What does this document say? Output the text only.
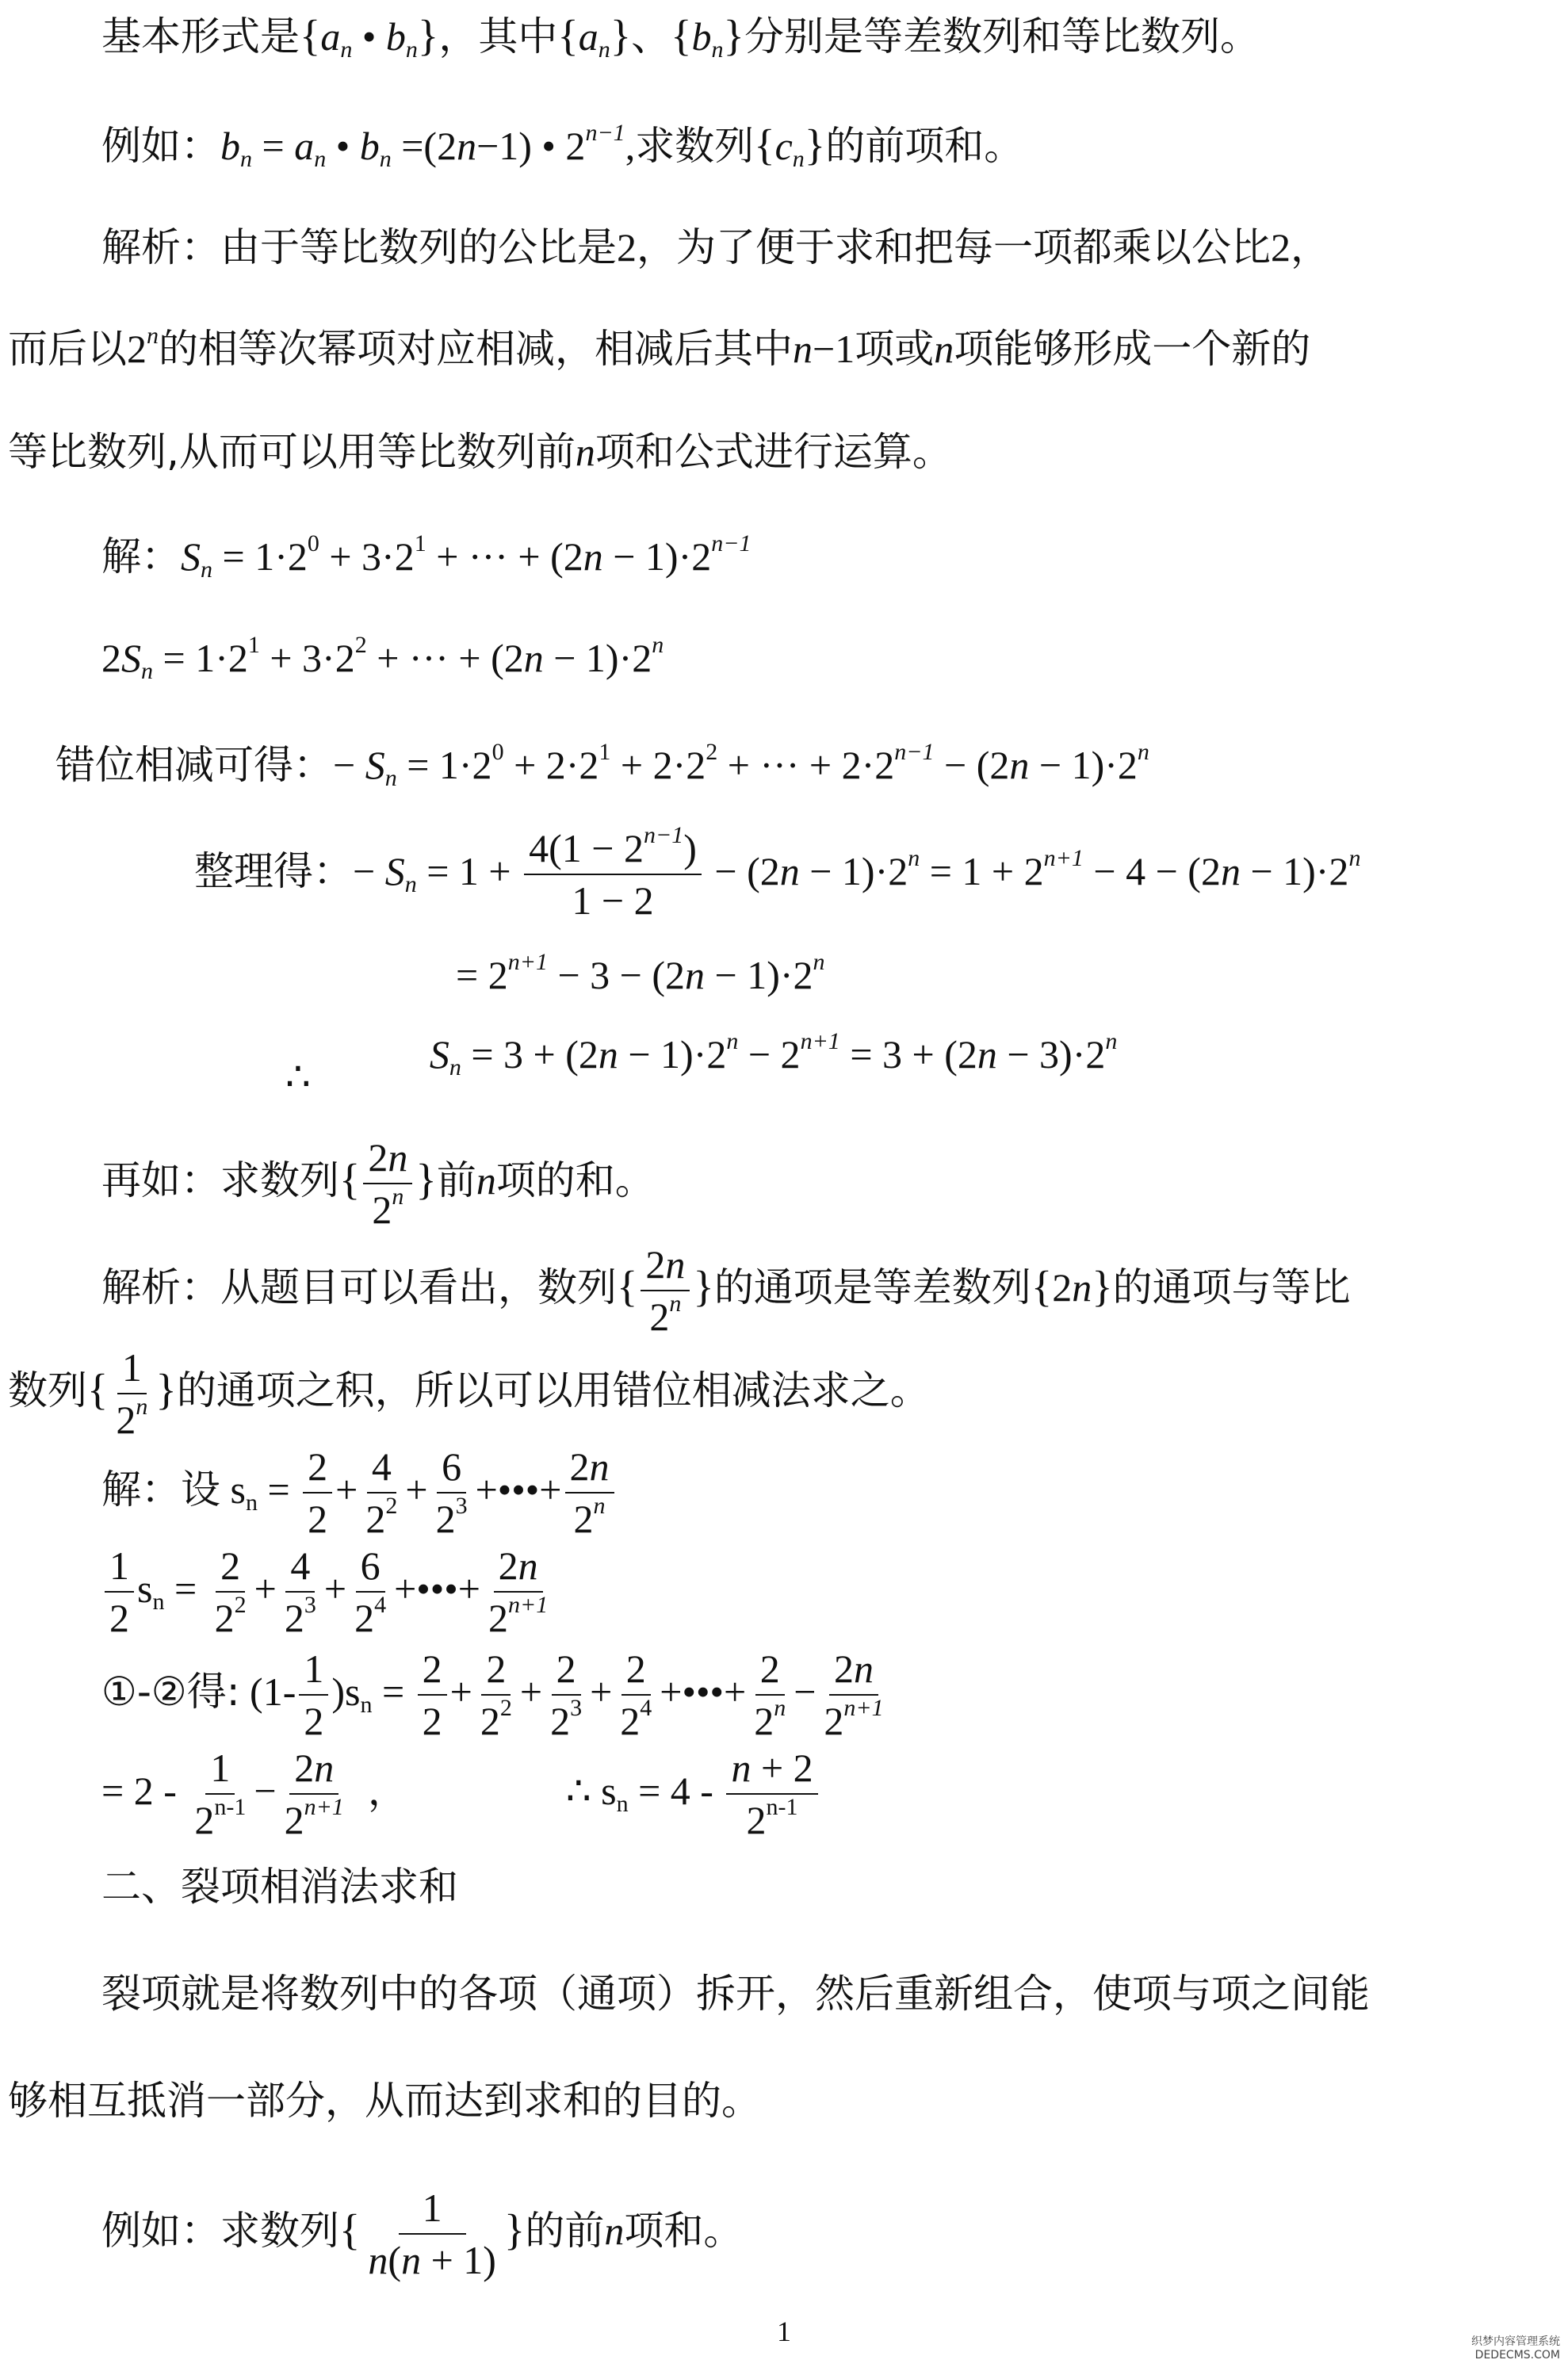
基本形式是{$a_n$ • $b_n$}，其中$\{a_n\}$、$\{b_n\}$分别是等差数列和等比数列。
例如：$b_n = a_n$ • $b_n =(2n-1)$ • $2^{n-1}$,求数列$\{c_n\}$的前项和。
解析：由于等比数列的公比是2，为了便于求和把每一项都乘以公比2，
而后以2$^n$的相等次幂项对应相减，相减后其中n−1项或n项能够形成一个新的
等比数列,从而可以用等比数列前n项和公式进行运算。
解：$S_n = 1\cdot 2^0 + 3\cdot 2^1$ + ··· + $(2n - 1)\cdot 2^{n-1}$
$2S_n = 1\cdot 2^1 + 3\cdot 2^2$ + ··· + $(2n - 1)\cdot 2^n$
错位相减可得：− $S_n = 1\cdot 2^0 + 2\cdot 2^1 + 2\cdot 2^2$ + ··· + $2\cdot 2^{n-1} - (2n - 1)\cdot 2^n$
整理得：− $S_n = 1 + \frac{4(1 - 2^{n-1})}{1 - 2} - (2n - 1)\cdot 2^n = 1 + 2^{n+1} - 4 - (2n - 1)\cdot 2^n$
= $2^{n+1} - 3 - (2n - 1)\cdot 2^n$
∴	$S_n = 3 + (2n - 1)\cdot 2^n - 2^{n+1} = 3 + (2n - 3)\cdot 2^n$
再如：求数列{ $\frac{2n}{2^n}$ }前n项的和。
解析：从题目可以看出，数列{ $\frac{2n}{2^n}$ }的通项是等差数列{2n}的通项与等比
数列{ $\frac{1}{2^n}$ }的通项之积，所以可以用错位相减法求之。
解：设 $s_n = \frac{2}{2} + \frac{4}{2^2} + \frac{6}{2^3}$ +•••+ $\frac{2n}{2^n}$
$\frac{1}{2} s_n = \frac{2}{2^2} + \frac{4}{2^3} + \frac{6}{2^4}$ +•••+ $\frac{2n}{2^{n+1}}$
①-②得: $(1- \frac{1}{2} )s_n = \frac{2}{2} + \frac{2}{2^2} + \frac{2}{2^3} + \frac{2}{2^4}$ +•••+ $\frac{2}{2^n} - \frac{2n}{2^{n+1}}$
= $2 - \frac{1}{2^{n-1}} - \frac{2n}{2^{n+1}}$ ，	∴ $s_n = 4 - \frac{n + 2}{2^{n-1}}$
二、裂项相消法求和
裂项就是将数列中的各项（通项）拆开，然后重新组合，使项与项之间能
够相互抵消一部分，从而达到求和的目的。
例如：求数列{ $\frac{1}{n(n + 1)}$ }的前n项和。
1	织梦内容管理系统
DEDECMS.COM
